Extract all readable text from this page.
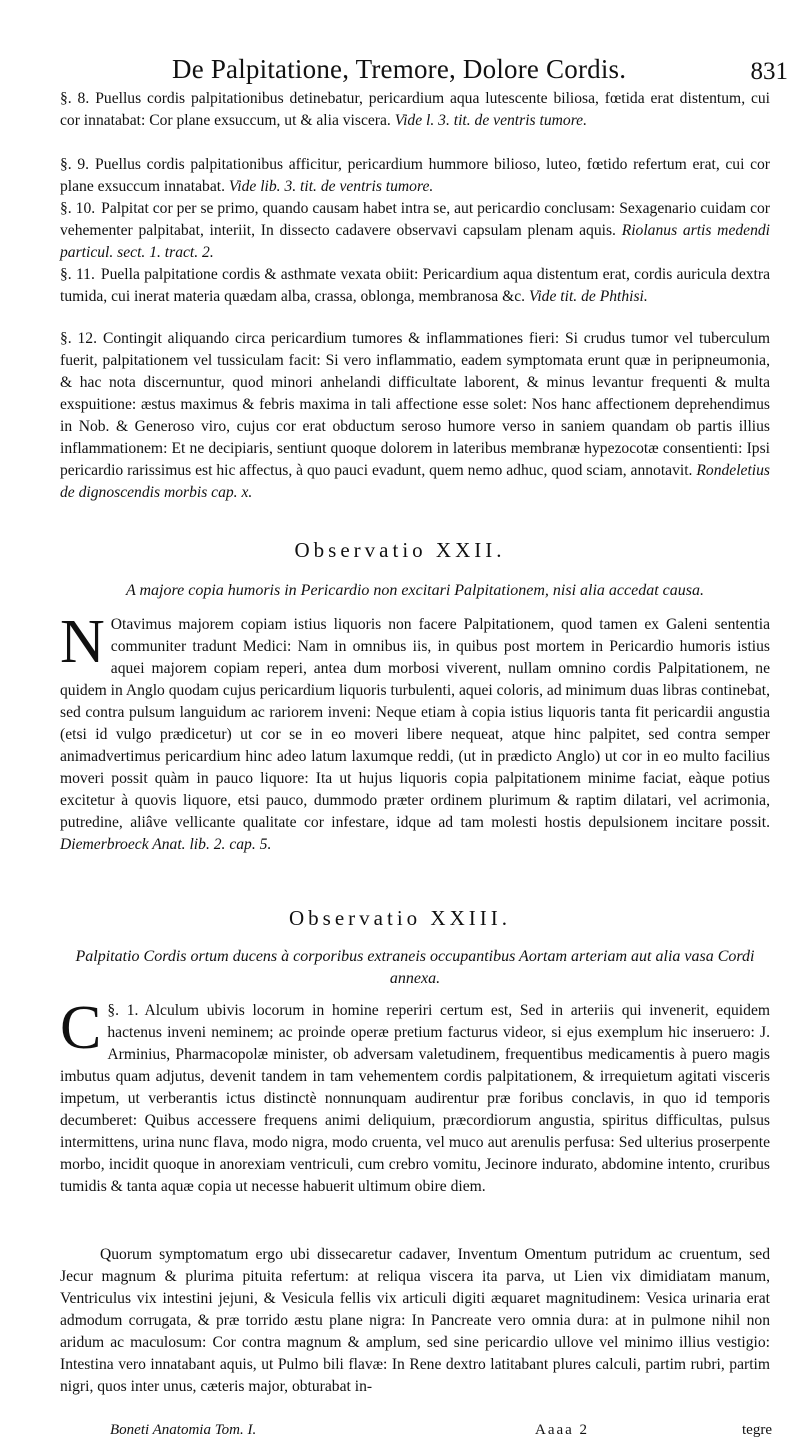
De Palpitatione, Tremore, Dolore Cordis.	831
§. 8. Puellus cordis palpitationibus detinebatur, pericardium aqua lutescente biliosa, fœtida erat distentum, cui cor innatabat: Cor plane exsuccum, ut & alia viscera. Vide l. 3. tit. de ventris tumore.
§. 9. Puellus cordis palpitationibus afficitur, pericardium hummore bilioso, luteo, fœtido refertum erat, cui cor plane exsuccum innatabat. Vide lib. 3. tit. de ventris tumore.
§. 10. Palpitat cor per se primo, quando causam habet intra se, aut pericardio conclusam: Sexagenario cuidam cor vehementer palpitabat, interiit, In dissecto cadavere observavi capsulam plenam aquis. Riolanus artis medendi particul. sect. 1. tract. 2.
§. 11. Puella palpitatione cordis & asthmate vexata obiit: Pericardium aqua distentum erat, cordis auricula dextra tumida, cui inerat materia quædam alba, crassa, oblonga, membranosa &c. Vide tit. de Phthisi.
§. 12. Contingit aliquando circa pericardium tumores & inflammationes fieri: Si crudus tumor vel tuberculum fuerit, palpitationem vel tussiculam facit: Si vero inflammatio, eadem symptomata erunt quæ in peripneumonia, & hac nota discernuntur, quod minori anhelandi difficultate laborent, & minus levantur frequenti & multa exspuitione: æstus maximus & febris maxima in tali affectione esse solet: Nos hanc affectionem deprehendimus in Nob. & Generoso viro, cujus cor erat obductum seroso humore verso in saniem quandam ob partis illius inflammationem: Et ne decipiaris, sentiunt quoque dolorem in lateribus membranæ hypezocotæ consentienti: Ipsi pericardio rarissimus est hic affectus, à quo pauci evadunt, quem nemo adhuc, quod sciam, annotavit. Rondeletius de dignoscendis morbis cap. x.
Observatio XXII.
A majore copia humoris in Pericardio non excitari Palpitationem, nisi alia accedat causa.
N Otavimus majorem copiam istius liquoris non facere Palpitationem, quod tamen ex Galeni sententia communiter tradunt Medici: Nam in omnibus iis, in quibus post mortem in Pericardio humoris istius aquei majorem copiam reperi, antea dum morbosi viverent, nullam omnino cordis Palpitationem, ne quidem in Anglo quodam cujus pericardium liquoris turbulenti, aquei coloris, ad minimum duas libras continebat, sed contra pulsum languidum ac rariorem inveni: Neque etiam à copia istius liquoris tanta fit pericardii angustia (etsi id vulgo prædicetur) ut cor se in eo moveri libere nequeat, atque hinc palpitet, sed contra semper animadvertimus pericardium hinc adeo latum laxumque reddi, (ut in prædicto Anglo) ut cor in eo multo facilius moveri possit quàm in pauco liquore: Ita ut hujus liquoris copia palpitationem minime faciat, eàque potius excitetur à quovis liquore, etsi pauco, dummodo præter ordinem plurimum & raptim dilatari, vel acrimonia, putredine, aliâve vellicante qualitate cor infestare, idque ad tam molesti hostis depulsionem incitare possit. Diemerbroeck Anat. lib. 2. cap. 5.
Observatio XXIII.
Palpitatio Cordis ortum ducens à corporibus extraneis occupantibus Aortam arteriam aut alia vasa Cordi annexa.
§. 1.
C	Alculum ubivis locorum in homine reperiri certum est, Sed in arteriis qui invenerit, equidem hactenus inveni neminem; ac proinde operæ pretium facturus videor, si ejus exemplum hic inseruero: J. Arminius, Pharmacopolæ minister, ob adversam valetudinem, frequentibus medicamentis à puero magis imbutus quam adjutus, devenit tandem in tam vehementem cordis palpitationem, & irrequietum agitati visceris impetum, ut verberantis ictus distinctè nonnunquam audirentur præ foribus conclavis, in quo id temporis decumberet: Quibus accessere frequens animi deliquium, præcordiorum angustia, spiritus difficultas, pulsus intermittens, urina nunc flava, modo nigra, modo cruenta, vel muco aut arenulis perfusa: Sed ulterius proserpente morbo, incidit quoque in anorexiam ventriculi, cum crebro vomitu, Jecinore indurato, abdomine intento, cruribus tumidis & tanta aquæ copia ut necesse habuerit ultimum obire diem.
Quorum symptomatum ergo ubi dissecaretur cadaver, Inventum Omentum putridum ac cruentum, sed Jecur magnum & plurima pituita refertum: at reliqua viscera ita parva, ut Lien vix dimidiatam manum, Ventriculus vix intestini jejuni, & Vesicula fellis vix articuli digiti æquaret magnitudinem: Vesica urinaria erat admodum corrugata, & præ torrido æstu plane nigra: In Pancreate vero omnia dura: at in pulmone nihil non aridum ac maculosum: Cor contra magnum & amplum, sed sine pericardio ullove vel minimo illius vestigio: Intestina vero innatabant aquis, ut Pulmo bili flavæ: In Rene dextro latitabant plures calculi, partim rubri, partim nigri, quos inter unus, cæteris major, obturabat in-
Boneti Anatomia Tom. I.	Aaaa 2	tegre
